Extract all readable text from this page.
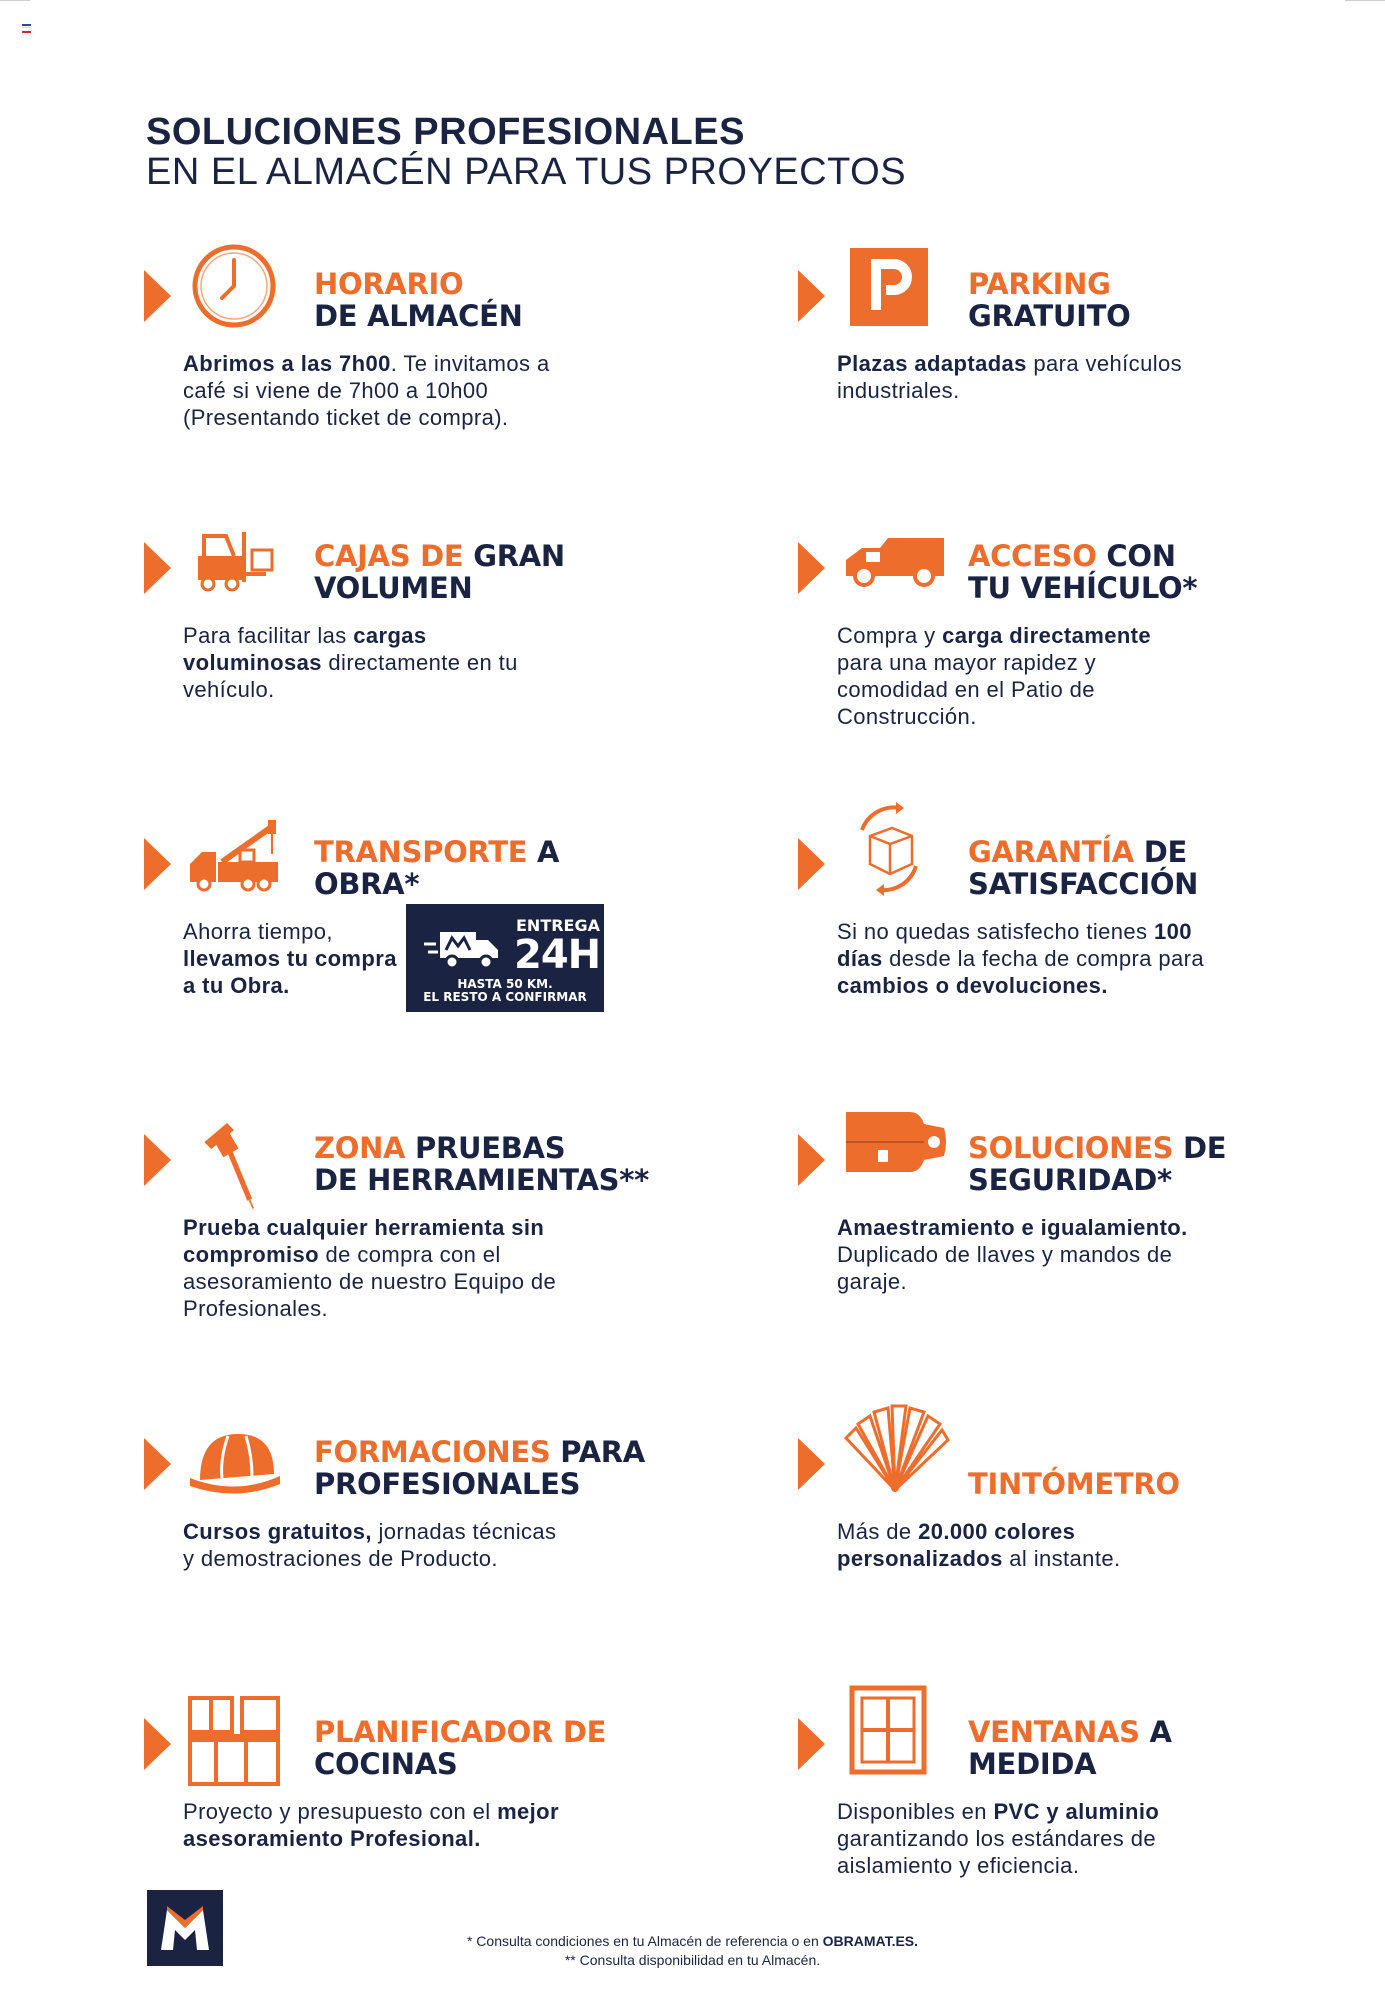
SOLUCIONES PROFESIONALES
EN EL ALMACÉN PARA TUS PROYECTOS
HORARIO
DE ALMACÉN

Abrimos a las 7h00. Te invitamos a café si viene de 7h00 a 10h00 (Presentando ticket de compra).

PARKING
GRATUITO

Plazas adaptadas para vehículos industriales.

CAJAS DE GRAN
VOLUMEN

Para facilitar las cargas voluminosas directamente en tu vehículo.

ACCESO CON
TU VEHÍCULO*

Compra y carga directamente para una mayor rapidez y comodidad en el Patio de Construcción.

TRANSPORTE A
OBRA*

Ahorra tiempo,
llevamos tu compra a tu Obra.

ENTREGA
24H
HASTA 50 KM.
EL RESTO A CONFIRMAR
GARANTÍA DE
SATISFACCIÓN

Si no quedas satisfecho tienes 100 días desde la fecha de compra para cambios o devoluciones.

ZONA PRUEBAS
DE HERRAMIENTAS**

Prueba cualquier herramienta sin compromiso de compra con el asesoramiento de nuestro Equipo de Profesionales.

SOLUCIONES DE
SEGURIDAD*

Amaestramiento e igualamiento. Duplicado de llaves y mandos de garaje.

FORMACIONES PARA
PROFESIONALES

Cursos gratuitos, jornadas técnicas y demostraciones de Producto.

TINTÓMETRO

Más de 20.000 colores personalizados al instante.

PLANIFICADOR DE
COCINAS

Proyecto y presupuesto con el mejor asesoramiento Profesional.

VENTANAS A
MEDIDA

Disponibles en PVC y aluminio garantizando los estándares de aislamiento y eficiencia.

* Consulta condiciones en tu Almacén de referencia o en OBRAMAT.ES.
** Consulta disponibilidad en tu Almacén.
